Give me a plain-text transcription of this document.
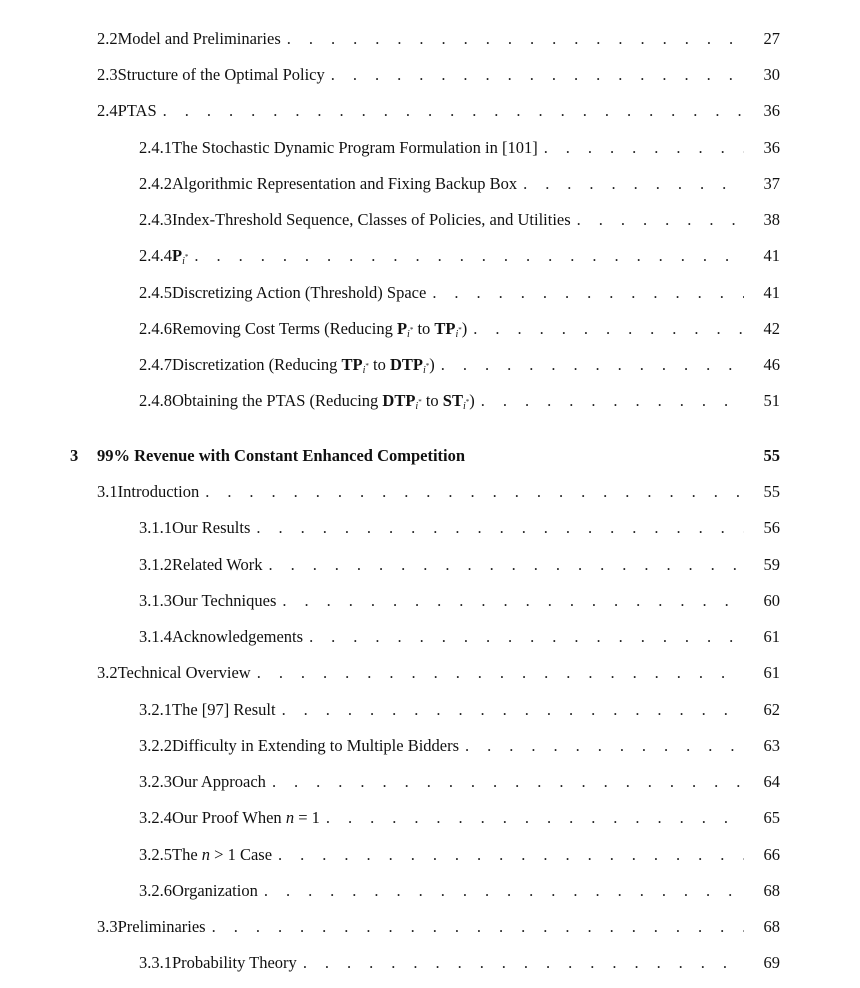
2.2 Model and Preliminaries . . .	27
2.3 Structure of the Optimal Policy . . .	30
2.4 PTAS . . .	36
2.4.1 The Stochastic Dynamic Program Formulation in [101] . . .	36
2.4.2 Algorithmic Representation and Fixing Backup Box . . .	37
2.4.3 Index-Threshold Sequence, Classes of Policies, and Utilities . . .	38
2.4.4 $P_{i^*}$ . . .	41
2.4.5 Discretizing Action (Threshold) Space . . .	41
2.4.6 Removing Cost Terms (Reducing $P_{i^*}$ to $TP_{i^*}$) . . .	42
2.4.7 Discretization (Reducing $TP_{i^*}$ to $DTP_{i^*}$) . . .	46
2.4.8 Obtaining the PTAS (Reducing $DTP_{i^*}$ to $ST_{i^*}$) . . .	51
3	99% Revenue with Constant Enhanced Competition	55
3.1 Introduction . . .	55
3.1.1 Our Results . . .	56
3.1.2 Related Work . . .	59
3.1.3 Our Techniques . . .	60
3.1.4 Acknowledgements . . .	61
3.2 Technical Overview . . .	61
3.2.1 The [97] Result . . .	62
3.2.2 Difficulty in Extending to Multiple Bidders . . .	63
3.2.3 Our Approach . . .	64
3.2.4 Our Proof When n = 1 . . .	65
3.2.5 The n > 1 Case . . .	66
3.2.6 Organization . . .	68
3.3 Preliminaries . . .	68
3.3.1 Probability Theory . . .	69
